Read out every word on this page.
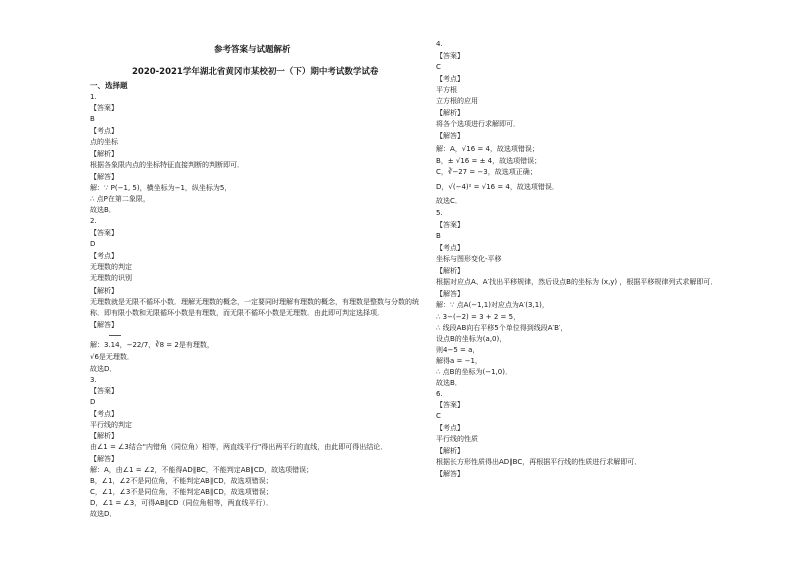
参考答案与试题解析
2020-2021学年湖北省黄冈市某校初一（下）期中考试数学试卷
一、选择题
1.
【答案】
B
【考点】
点的坐标
【解析】
根据各象限内点的坐标特征直接判断的判断即可．
【解答】
解：∵ P(−1, 5)，横坐标为−1，纵坐标为5，
∴ 点P在第二象限，
故选B．
2.
【答案】
D
【考点】
无理数的判定
无理数的识别
【解析】
无理数就是无限不循环小数．理解无理数的概念，一定要同时理解有理数的概念，有理数是整数与分数的统
称．即有限小数和无限循环小数是有理数，而无限不循环小数是无理数．由此即可判定选择项．
【解答】
解：3.14，−22/7，∛8 = 2是有理数，
√6是无理数．
故选D．
3.
【答案】
D
【考点】
平行线的判定
【解析】
由∠1 = ∠3结合"内错角（同位角）相等，两直线平行"得出两平行的直线，由此即可得出结论．
【解答】
解：A，由∠1 = ∠2，不能得AD∥BC，不能判定AB∥CD，故选项错误；
B，∠1，∠2不是同位角，不能判定AB∥CD，故选项错误；
C，∠1，∠3不是同位角，不能判定AB∥CD，故选项错误；
D，∠1 = ∠3，可得AB∥CD（同位角相等，两直线平行）．
故选D．
4.
【答案】
C
【考点】
平方根
立方根的应用
【解析】
将各个选项进行求解即可．
【解答】
解：A，√16 = 4，故选项错误；
B，± √16 = ± 4，故选项错误；
C，∛−27 = −3，故选项正确；
D，√(−4)² = √16 = 4，故选项错误．
故选C．
5.
【答案】
B
【考点】
坐标与图形变化-平移
【解析】
根据对应点A、A′找出平移规律，然后设点B的坐标为 (x,y) ，根据平移规律列式求解即可．
【解答】
解：∵ 点A(−1,1)对应点为A′(3,1)，
∴ 3−(−2) = 3 + 2 = 5，
∴ 线段AB向右平移5个单位得到线段A′B′，
设点B的坐标为(a,0)，
则4−5 = a，
解得a = −1，
∴ 点B的坐标为(−1,0)．
故选B．
6.
【答案】
C
【考点】
平行线的性质
【解析】
根据长方形性质得出AD∥BC，再根据平行线的性质进行求解即可．
【解答】
